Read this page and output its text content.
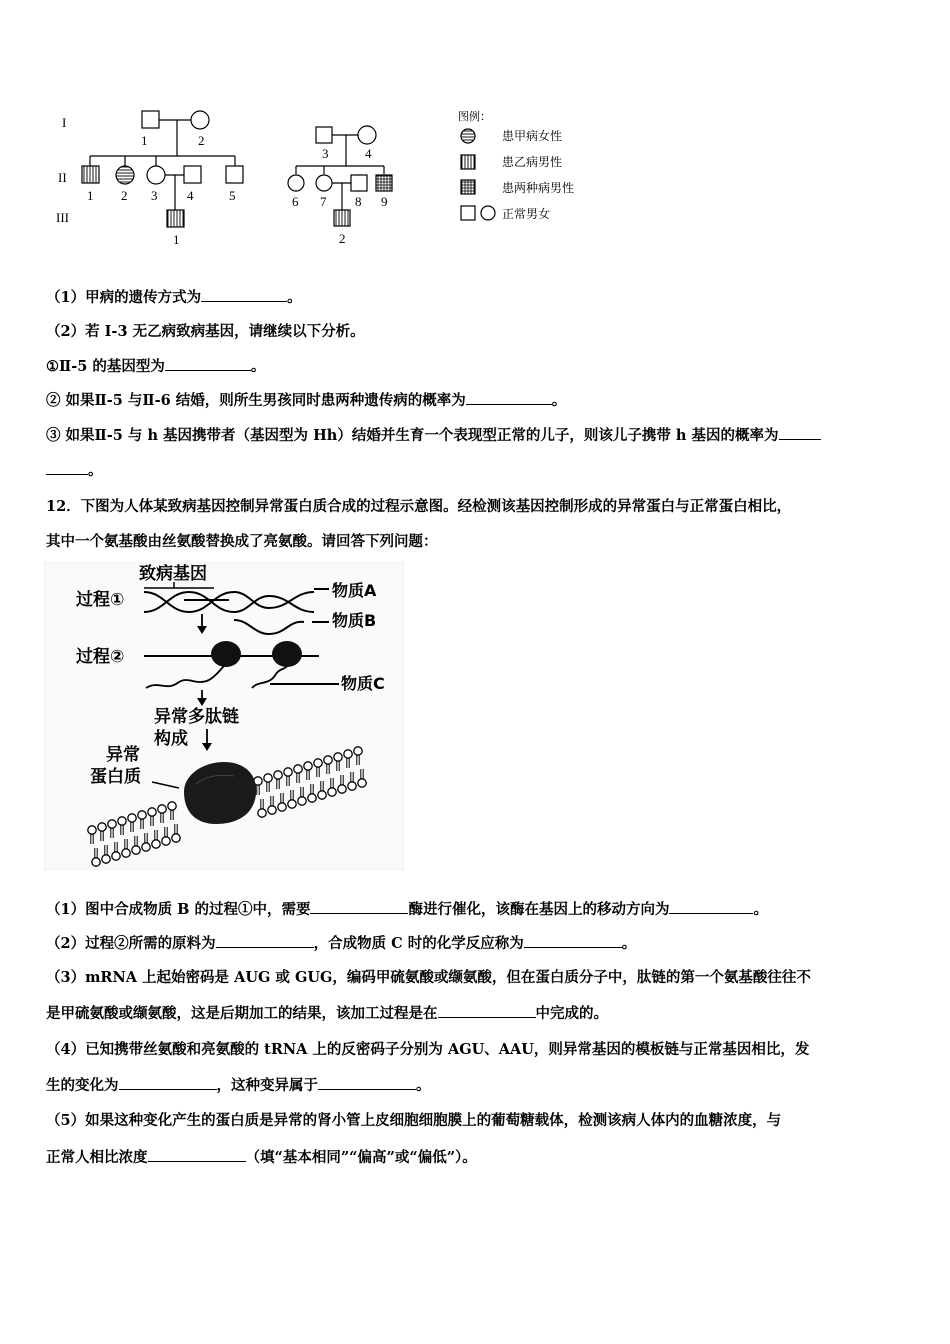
I
II
III
1	2
1 2 3 4	5
1
3	4
6 7 8 9
2
图例：
患甲病女性
患乙病男性
患两种病男性
正常男女
（1）甲病的遗传方式为	。
（2）若 I-3 无乙病致病基因，请继续以下分析。
①Ⅱ-5 的基因型为	。
② 如果Ⅱ-5 与Ⅱ-6 结婚，则所生男孩同时患两种遗传病的概率为	。
③ 如果Ⅱ-5 与 h 基因携带者（基因型为 Hh）结婚并生育一个表现型正常的儿子，则该儿子携带 h 基因的概率为
。
12．下图为人体某致病基因控制异常蛋白质合成的过程示意图。经检测该基因控制形成的异常蛋白与正常蛋白相比，
其中一个氨基酸由丝氨酸替换成了亮氨酸。请回答下列问题：
致病基因
过程①	物质A
物质B
过程②
物质C
异常多肽链
构成
异常
蛋白质
（1）图中合成物质 B 的过程①中，需要	酶进行催化，该酶在基因上的移动方向为	。
（2）过程②所需的原料为	，合成物质 C 时的化学反应称为	。
（3）mRNA 上起始密码是 AUG 或 GUG，编码甲硫氨酸或缬氨酸，但在蛋白质分子中，肽链的第一个氨基酸往往不
是甲硫氨酸或缬氨酸，这是后期加工的结果，该加工过程是在	中完成的。
（4）已知携带丝氨酸和亮氨酸的 tRNA 上的反密码子分别为 AGU、AAU，则异常基因的模板链与正常基因相比，发
生的变化为	，这种变异属于	。
（5）如果这种变化产生的蛋白质是异常的肾小管上皮细胞细胞膜上的葡萄糖载体，检测该病人体内的血糖浓度，与
正常人相比浓度	（填“基本相同”“偏高”或“偏低”）。
